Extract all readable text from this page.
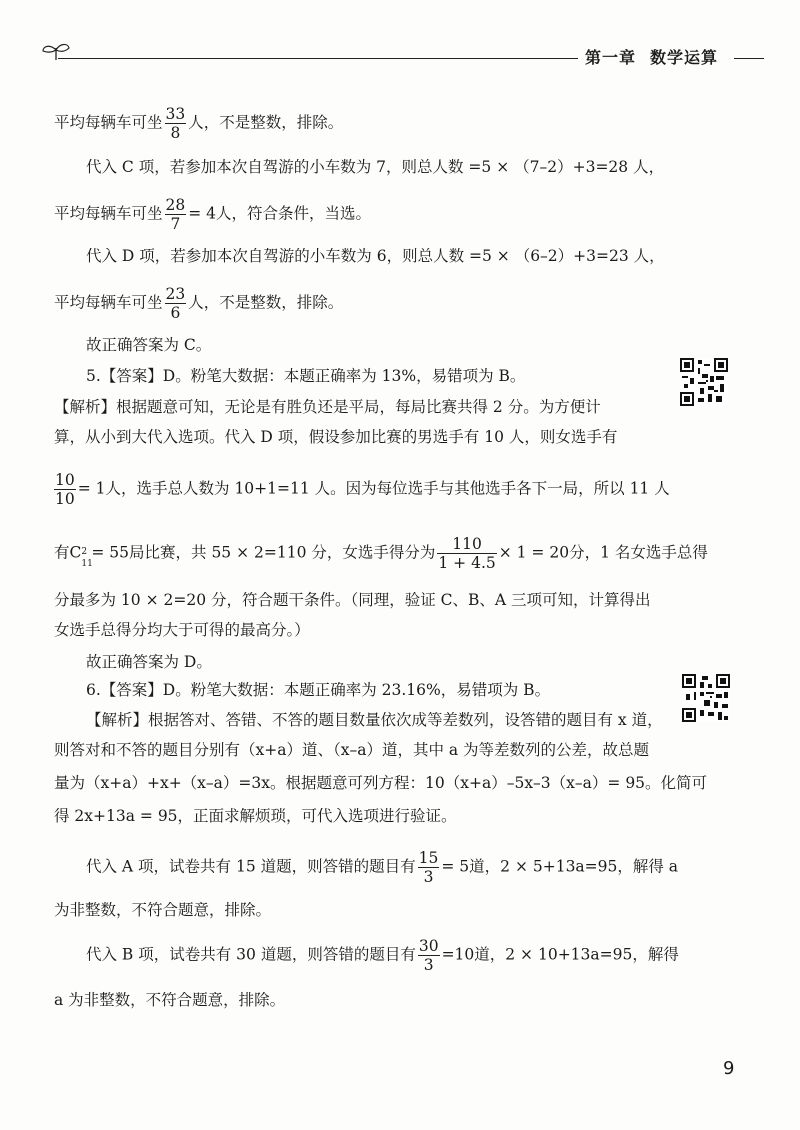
第一章 数学运算
平均每辆车可坐 $\frac{33}{8}$ 人，不是整数，排除。
代入 C 项，若参加本次自驾游的小车数为 7，则总人数 =5 × （7–2）+3=28 人，
平均每辆车可坐 $\frac{28}{7} = 4$人，符合条件，当选。
代入 D 项，若参加本次自驾游的小车数为 6，则总人数 =5 × （6–2）+3=23 人，
平均每辆车可坐 $\frac{23}{6}$ 人，不是整数，排除。
故正确答案为 C。
5.【答案】D。粉笔大数据：本题正确率为 13%，易错项为 B。
【解析】根据题意可知，无论是有胜负还是平局，每局比赛共得 2 分。为方便计
算，从小到大代入选项。代入 D 项，假设参加比赛的男选手有 10 人，则女选手有
$\frac{10}{10} = 1$人，选手总人数为 10+1=11 人。因为每位选手与其他选手各下一局，所以 11 人
有C 2
11
= 55局比赛，共 55 × 2=110 分，女选手得分为 $\frac{110}{1 + 4.5} \times 1 = 20$分，1 名女选手总得
分最多为 10 × 2=20 分，符合题干条件。（同理，验证 C、B、A 三项可知，计算得出
女选手总得分均大于可得的最高分。）
故正确答案为 D。
6.【答案】D。粉笔大数据：本题正确率为 23.16%，易错项为 B。
【解析】根据答对、答错、不答的题目数量依次成等差数列，设答错的题目有 x 道，
则答对和不答的题目分别有（x+a）道、（x–a）道，其中 a 为等差数列的公差，故总题
量为（x+a）+x+（x–a）=3x。根据题意可列方程：10（x+a）–5x–3（x–a）= 95。化简可
得 2x+13a = 95，正面求解烦琐，可代入选项进行验证。
代入 A 项，试卷共有 15 道题，则答错的题目有 $\frac{15}{3} = 5$道，2 × 5+13a=95，解得 a
为非整数，不符合题意，排除。
代入 B 项，试卷共有 30 道题，则答错的题目有 $\frac{30}{3} =10$道，2 × 10+13a=95，解得
a 为非整数，不符合题意，排除。
9
